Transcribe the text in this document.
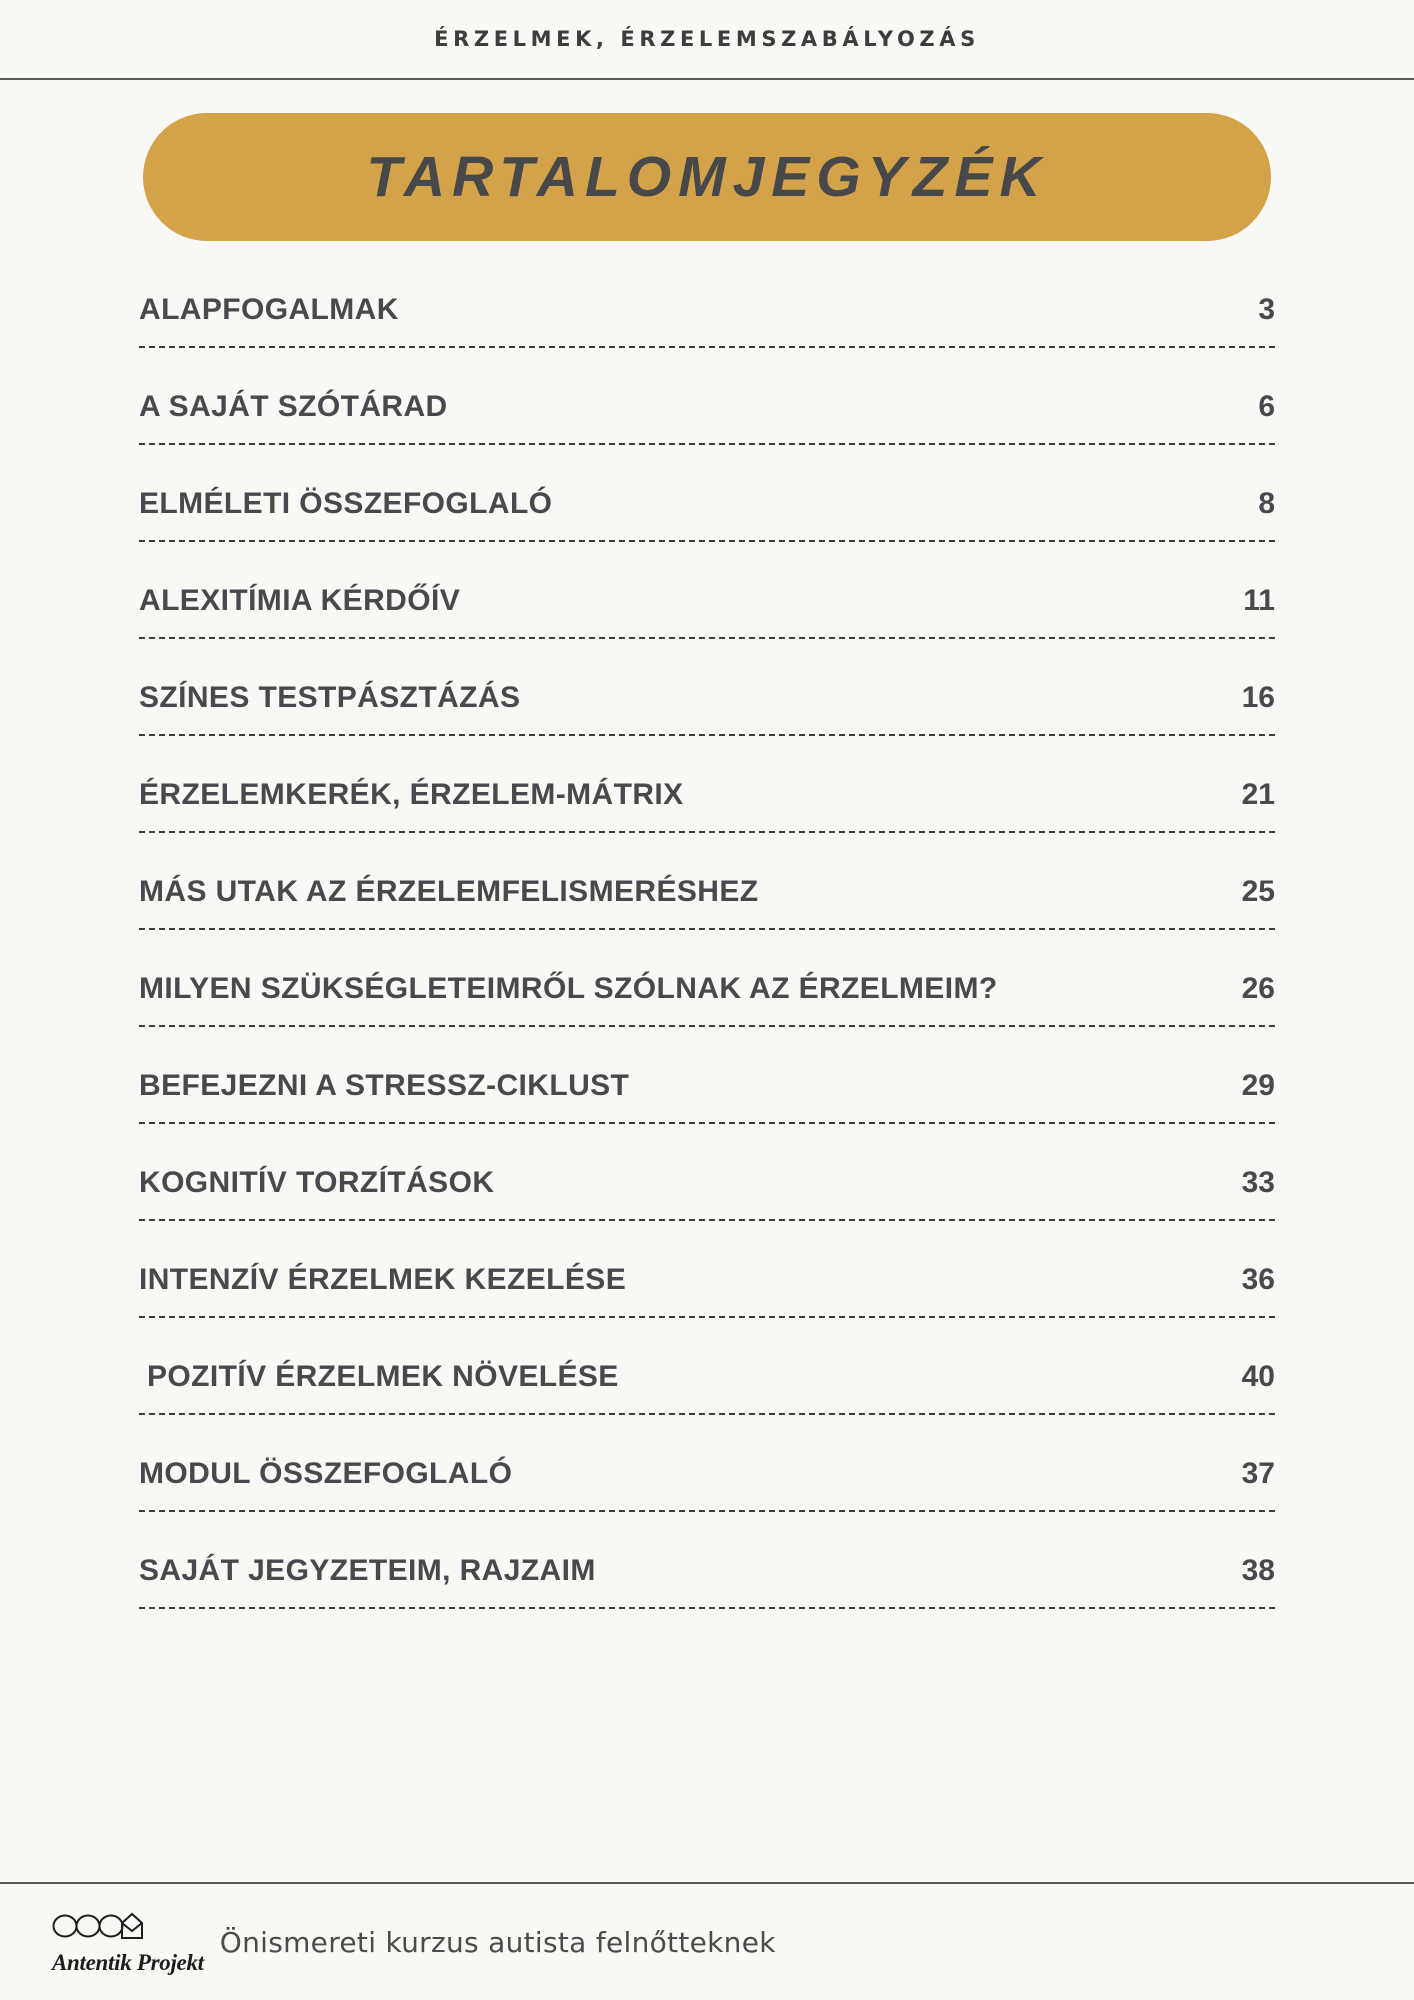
ÉRZELMEK, ÉRZELEMSZABÁLYOZÁS
TARTALOMJEGYZÉK
ALAPFOGALMAK	3
A SAJÁT SZÓTÁRAD	6
ELMÉLETI ÖSSZEFOGLALÓ	8
ALEXITÍMIA KÉRDŐÍV	11
SZÍNES TESTPÁSZTÁZÁS	16
ÉRZELEMKERÉK, ÉRZELEM-MÁTRIX	21
MÁS UTAK AZ ÉRZELEMFELISMERÉSHEZ	25
MILYEN SZÜKSÉGLETEIMRŐL SZÓLNAK AZ ÉRZELMEIM?	26
BEFEJEZNI A STRESSZ-CIKLUST	29
KOGNITÍV TORZÍTÁSOK	33
INTENZÍV ÉRZELMEK KEZELÉSE	36
POZITÍV ÉRZELMEK NÖVELÉSE	40
MODUL ÖSSZEFOGLALÓ	37
SAJÁT JEGYZETEIM, RAJZAIM	38
Antentik Projekt
Önismereti kurzus autista felnőtteknek
